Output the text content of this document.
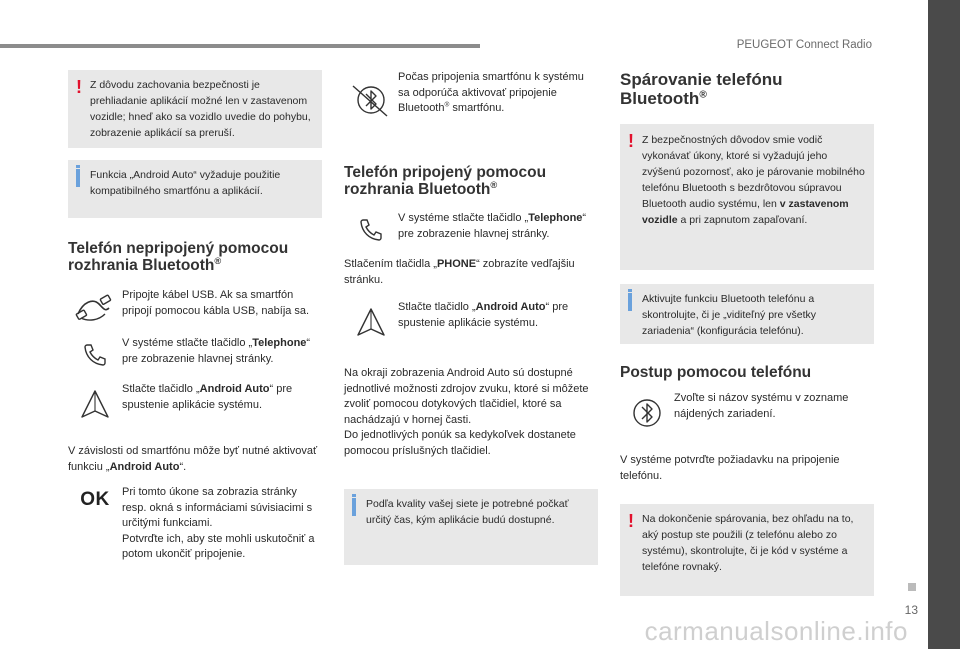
PEUGEOT Connect Radio
13
carmanualsonline.info
! Z dôvodu zachovania bezpečnosti je prehliadanie aplikácií možné len v zastavenom vozidle; hneď ako sa vozidlo uvedie do pohybu, zobrazenie aplikácií sa preruší.
Funkcia „Android Auto“ vyžaduje použitie kompatibilného smartfónu a aplikácií.
Telefón nepripojený pomocou rozhrania Bluetooth®
Pripojte kábel USB. Ak sa smartfón pripojí pomocou kábla USB, nabíja sa.
V systéme stlačte tlačidlo „Telephone“ pre zobrazenie hlavnej stránky.
Stlačte tlačidlo „Android Auto“ pre spustenie aplikácie systému.

V závislosti od smartfónu môže byť nutné aktivovať funkciu „Android Auto“.

OK Pri tomto úkone sa zobrazia stránky resp. okná s informáciami súvisiacimi s určitými funkciami.
Potvrďte ich, aby ste mohli uskutočniť a potom ukončiť pripojenie.
Počas pripojenia smartfónu k systému sa odporúča aktivovať pripojenie Bluetooth® smartfónu.
Telefón pripojený pomocou rozhrania Bluetooth®
V systéme stlačte tlačidlo „Telephone“ pre zobrazenie hlavnej stránky.

Stlačením tlačidla „PHONE“ zobrazíte vedľajšiu stránku.

Stlačte tlačidlo „Android Auto“ pre spustenie aplikácie systému.

Na okraji zobrazenia Android Auto sú dostupné jednotlivé možnosti zdrojov zvuku, ktoré si môžete zvoliť pomocou dotykových tlačidiel, ktoré sa nachádzajú v hornej časti.
Do jednotlivých ponúk sa kedykoľvek dostanete pomocou príslušných tlačidiel.

Podľa kvality vašej siete je potrebné počkať určitý čas, kým aplikácie budú dostupné.
Spárovanie telefónu Bluetooth®
! Z bezpečnostných dôvodov smie vodič vykonávať úkony, ktoré si vyžadujú jeho zvýšenú pozornosť, ako je párovanie mobilného telefónu Bluetooth s bezdrôtovou súpravou Bluetooth audio systému, len v zastavenom vozidle a pri zapnutom zapaľovaní.
Aktivujte funkciu Bluetooth telefónu a skontrolujte, či je „viditeľný pre všetky zariadenia“ (konfigurácia telefónu).
Postup pomocou telefónu
Zvoľte si názov systému v zozname nájdených zariadení.

V systéme potvrďte požiadavku na pripojenie telefónu.

! Na dokončenie spárovania, bez ohľadu na to, aký postup ste použili (z telefónu alebo zo systému), skontrolujte, či je kód v systéme a telefóne rovnaký.
